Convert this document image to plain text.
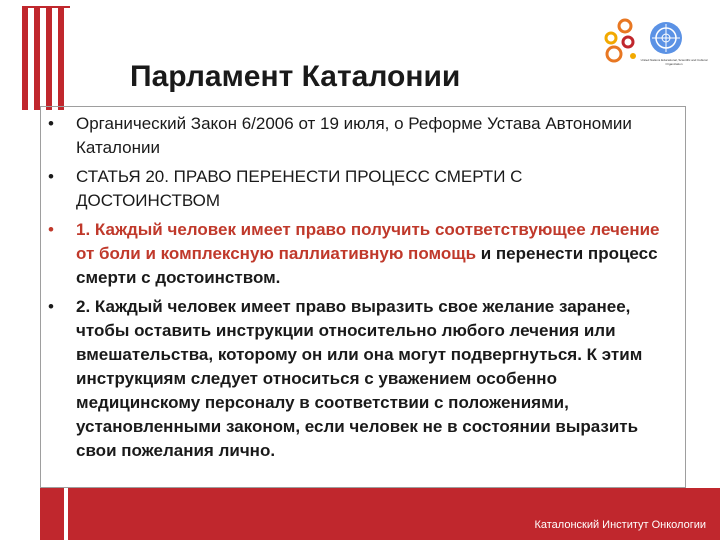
Парламент Каталонии	United Nations Educational, Scientific and Cultural Organization
• Органический Закон 6/2006 от 19 июля, о Реформе Устава Автономии Каталонии
• СТАТЬЯ 20. ПРАВО ПЕРЕНЕСТИ ПРОЦЕСС СМЕРТИ С ДОСТОИНСТВОМ
• 1. Каждый человек имеет право получить соответствующее лечение от боли и комплексную паллиативную помощь и перенести процесс смерти с достоинством.
• 2. Каждый человек имеет право выразить свое желание заранее, чтобы оставить инструкции относительно любого лечения или вмешательства, которому он или она могут подвергнуться. К этим инструкциям следует относиться с уважением особенно медицинскому персоналу в соответствии с положениями, установленными законом, если человек не в состоянии выразить свои пожелания лично.
Каталонский Институт Онкологии
